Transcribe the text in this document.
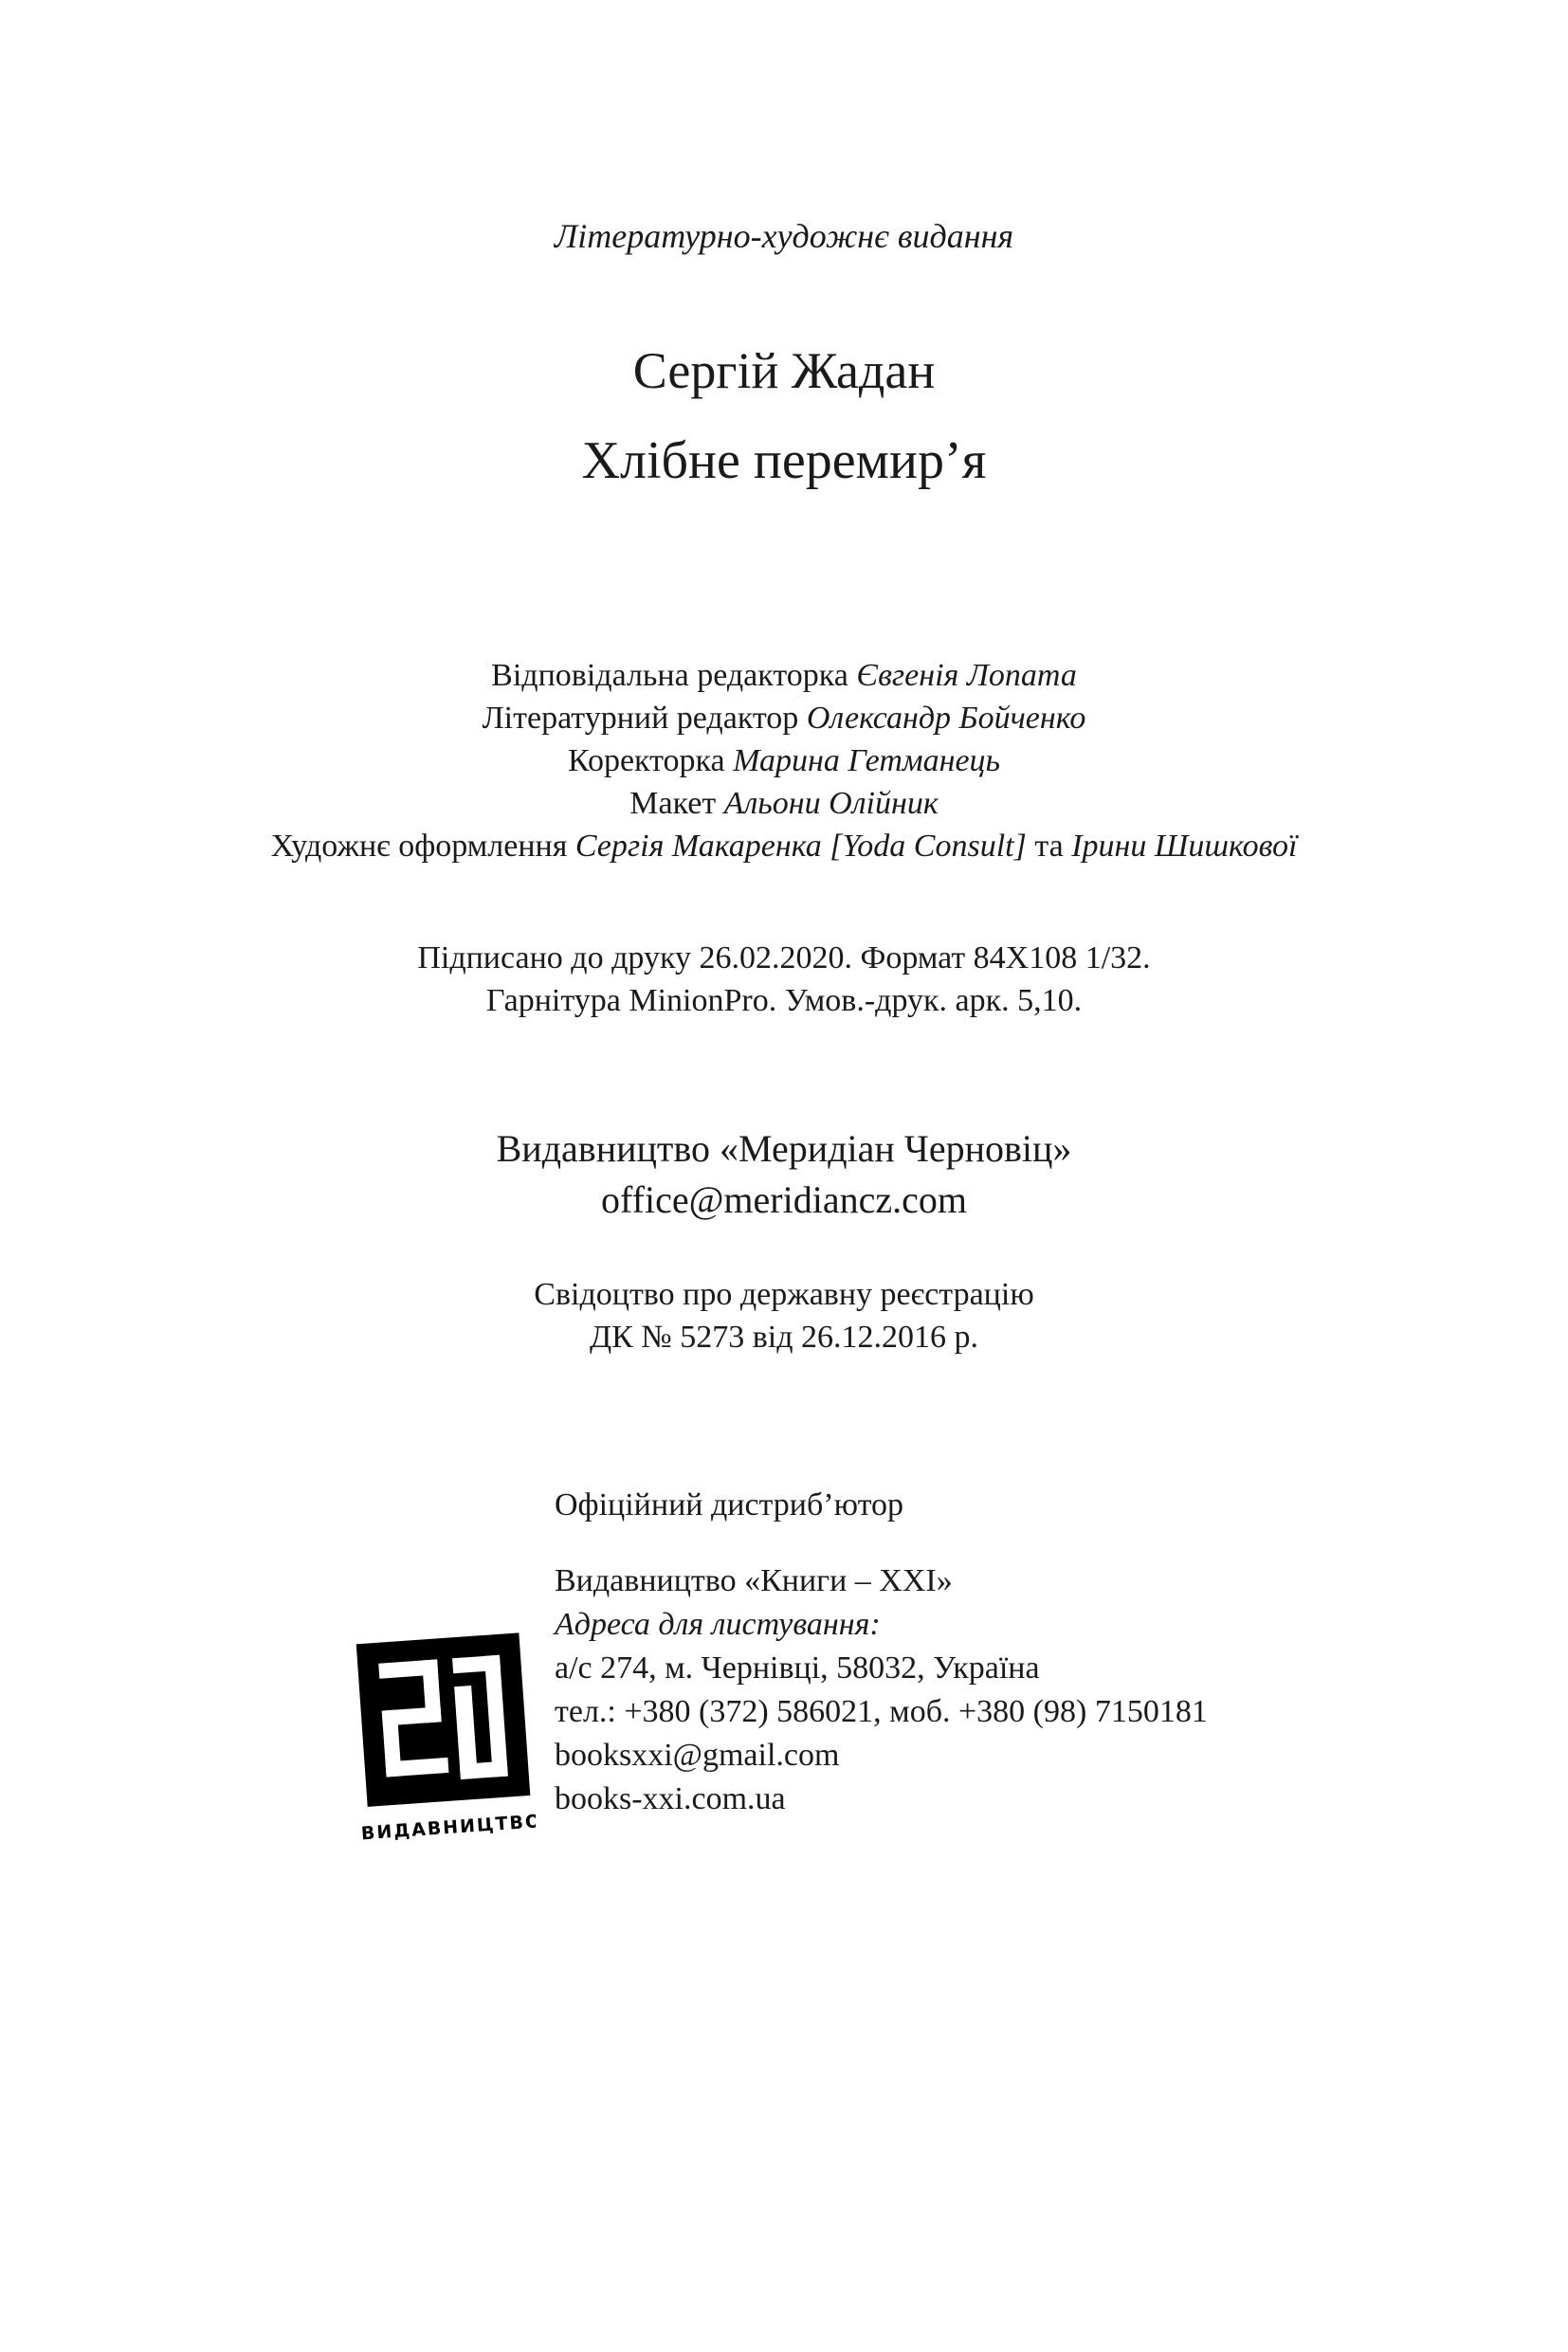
Літературно-художнє видання
Сергій Жадан
Хлібне перемир’я
Відповідальна редакторка Євгенія Лопата
Літературний редактор Олександр Бойченко
Коректорка Марина Гетманець
Макет Альони Олійник
Художнє оформлення Сергія Макаренка [Yoda Consult] та Ірини Шишкової
Підписано до друку 26.02.2020. Формат 84Х108 1/32.
Гарнітура MinionPro. Умов.-друк. арк. 5,10.
Видавництво «Меридіан Черновіц»
office@meridiancz.com
Свідоцтво про державну реєстрацію
ДК № 5273 від 26.12.2016 р.
Офіційний дистриб’ютор
Видавництво «Книги – XXI»
Адреса для листування:
а/с 274, м. Чернівці, 58032, Україна
тел.: +380 (372) 586021, моб. +380 (98) 7150181
booksxxi@gmail.com
books-xxi.com.ua
ВИДАВНИЦТВО
